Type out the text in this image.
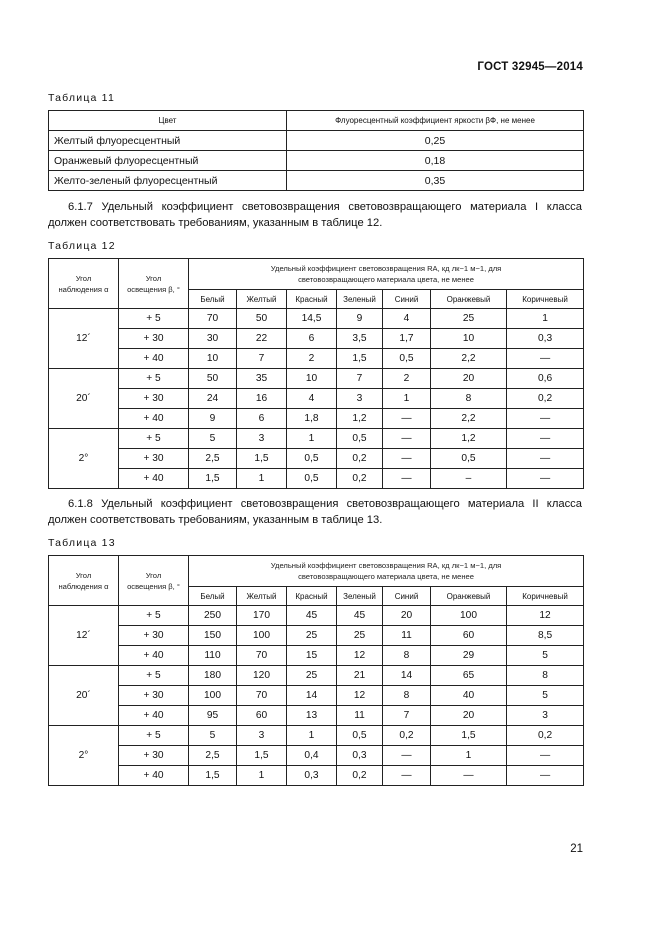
ГОСТ 32945—2014
Таблица 11
Цвет	Флуоресцентный коэффициент яркости βФ, не менее
Желтый флуоресцентный	0,25
Оранжевый флуоресцентный	0,18
Желто-зеленый флуоресцентный	0,35

6.1.7 Удельный коэффициент световозвращения световозвращающего материала I класса должен соответствовать требованиям, указанным в таблице 12.

Таблица 12
Угол наблюдения α	Угол освещения β, °	Удельный коэффициент световозвращения RA, кд лк−1 м−1, для световозвращающего материала цвета, не менее						
		Белый	Желтый	Красный	Зеленый	Синий	Оранжевый	Коричневый
12´	+ 5	70	50	14,5	9	4	25	1
	+ 30	30	22	6	3,5	1,7	10	0,3
	+ 40	10	7	2	1,5	0,5	2,2	—
20´	+ 5	50	35	10	7	2	20	0,6
	+ 30	24	16	4	3	1	8	0,2
	+ 40	9	6	1,8	1,2	—	2,2	—
2°	+ 5	5	3	1	0,5	—	1,2	—
	+ 30	2,5	1,5	0,5	0,2	—	0,5	—
	+ 40	1,5	1	0,5	0,2	—	–	—

6.1.8 Удельный коэффициент световозвращения световозвращающего материала II класса должен соответствовать требованиям, указанным в таблице 13.

Таблица 13
Угол наблюдения α	Угол освещения β, °	Удельный коэффициент световозвращения RA, кд лк−1 м−1, для световозвращающего материала цвета, не менее						
		Белый	Желтый	Красный	Зеленый	Синий	Оранжевый	Коричневый
12´	+ 5	250	170	45	45	20	100	12
	+ 30	150	100	25	25	11	60	8,5
	+ 40	110	70	15	12	8	29	5
20´	+ 5	180	120	25	21	14	65	8
	+ 30	100	70	14	12	8	40	5
	+ 40	95	60	13	11	7	20	3
2°	+ 5	5	3	1	0,5	0,2	1,5	0,2
	+ 30	2,5	1,5	0,4	0,3	—	1	—
	+ 40	1,5	1	0,3	0,2	—	—	—
21
